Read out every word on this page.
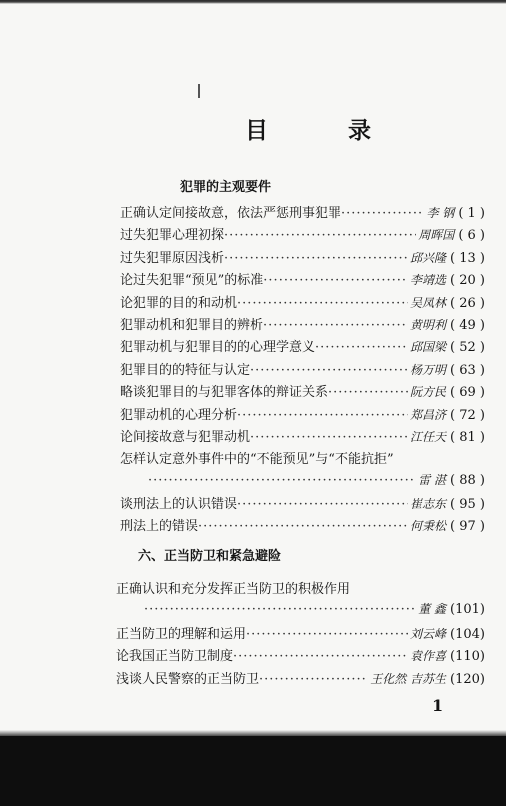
目 录
犯罪的主观要件
正确认定间接故意，依法严惩刑事犯罪 ·····	李 钢 ( 1 )
过失犯罪心理初探 ·····	周晖国 ( 6 )
过失犯罪原因浅析 ·····	邱兴隆 ( 13 )
论过失犯罪“预见”的标准 ·····	李靖选 ( 20 )
论犯罪的目的和动机 ·····	吴凤林 ( 26 )
犯罪动机和犯罪目的辨析 ·····	黄明利 ( 49 )
犯罪动机与犯罪目的的心理学意义 ·····	邱国梁 ( 52 )
犯罪目的的特征与认定 ·····	杨万明 ( 63 )
略谈犯罪目的与犯罪客体的辩证关系 ·····	阮方民 ( 69 )
犯罪动机的心理分析 ·····	郑昌济 ( 72 )
论间接故意与犯罪动机 ·····	江任天 ( 81 )
怎样认定意外事件中的“不能预见”与“不能抗拒”
·····
雷 湛 ( 88 )
谈刑法上的认识错误 ·····	崔志东 ( 95 )
刑法上的错误 ·····	何秉松 ( 97 )
六、正当防卫和紧急避险
正确认识和充分发挥正当防卫的积极作用
·····
董 鑫 (101)
正当防卫的理解和运用 ·····	刘云峰 (104)
论我国正当防卫制度 ·····	袁作喜 (110)
浅谈人民警察的正当防卫 ·····	王化然 吉苏生 (120)
1
